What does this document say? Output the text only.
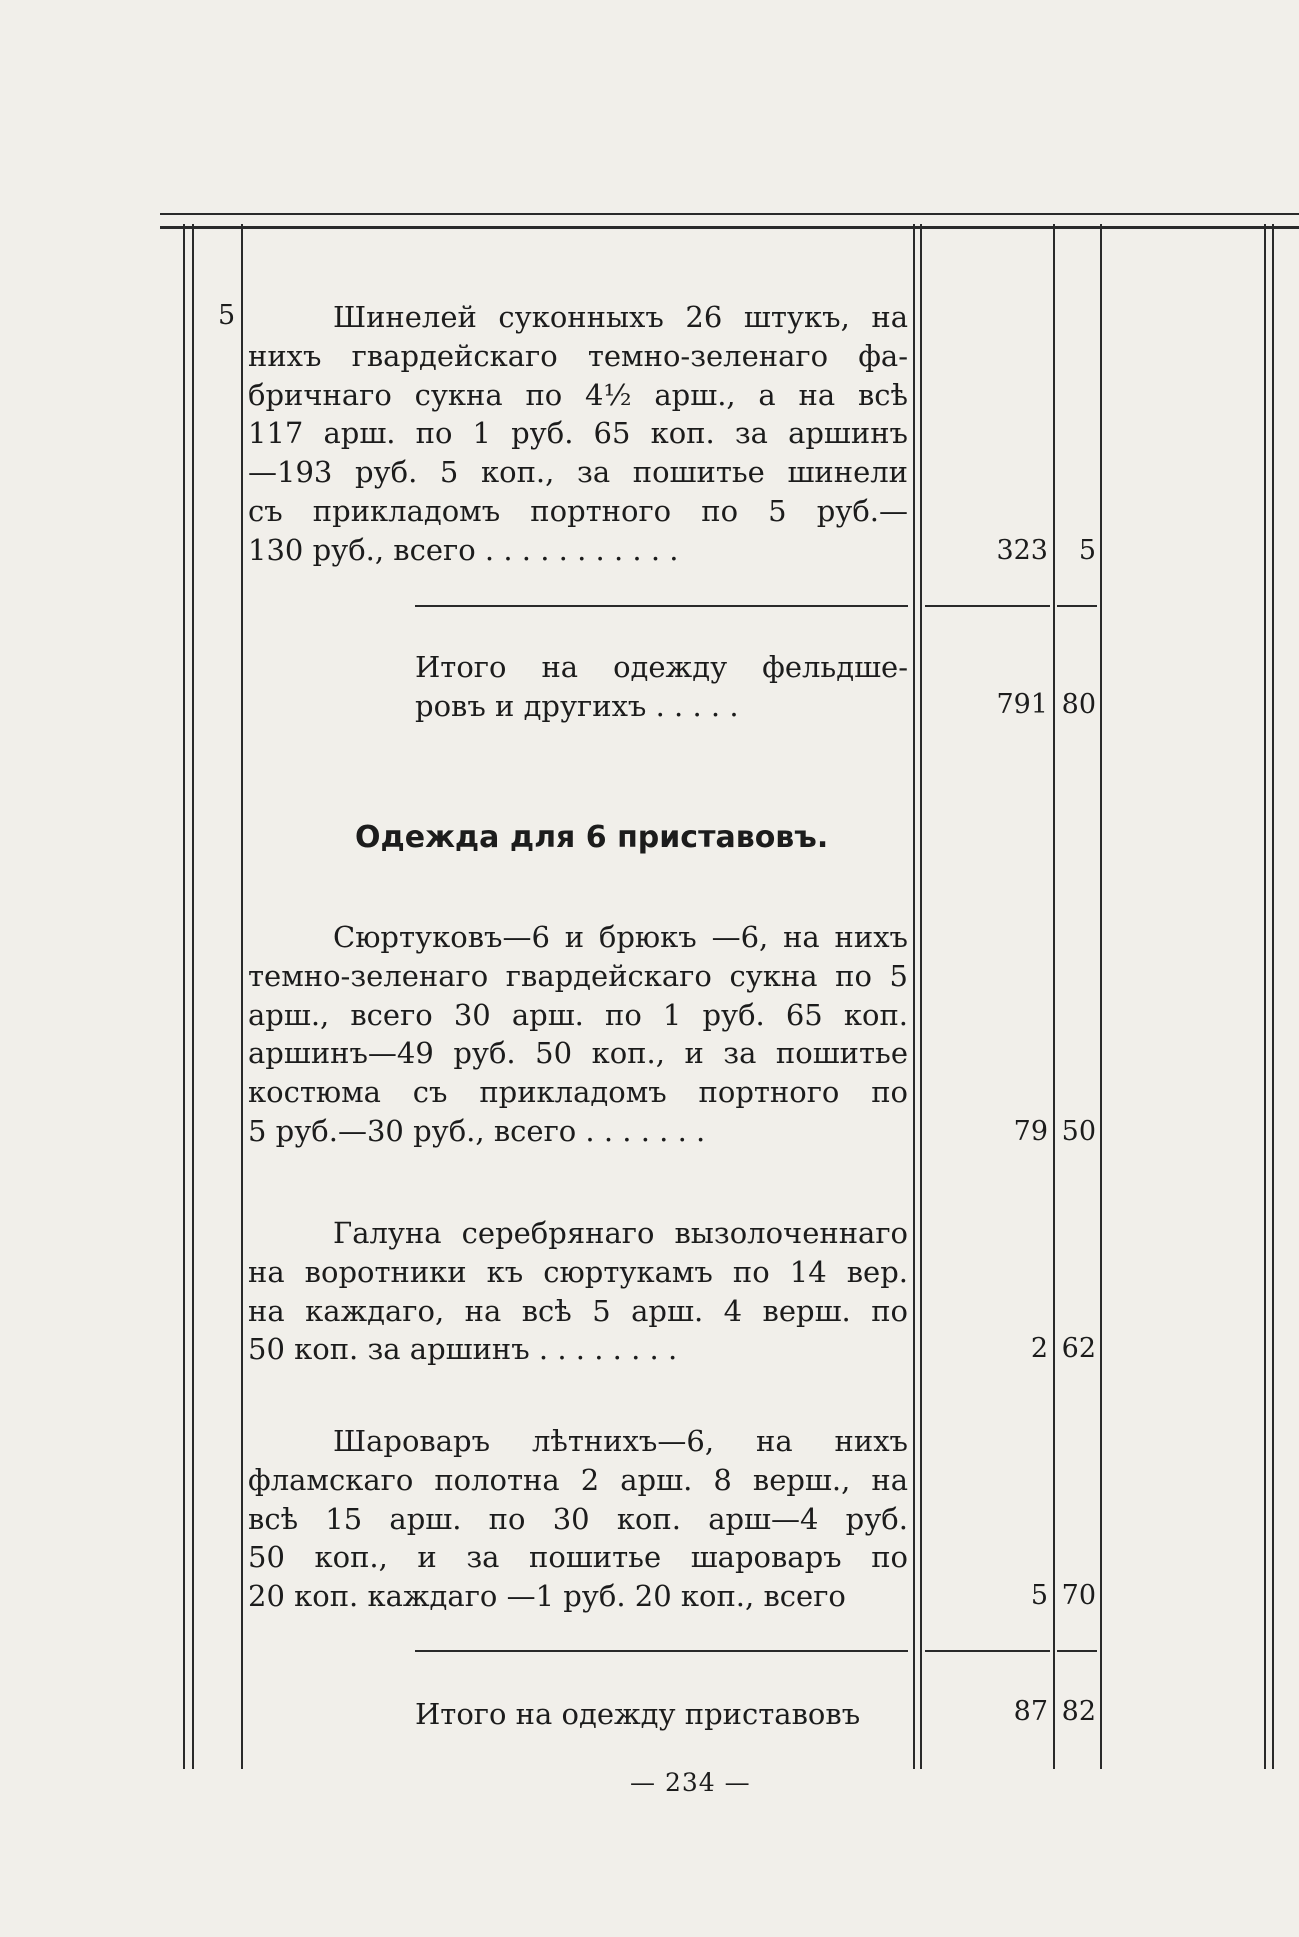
5	Шинелей суконныхъ 26 штукъ, на
нихъ гвардейскаго темно-зеленаго фа-
бричнаго сукна по 4½ арш., а на всѣ
117 арш. по 1 руб. 65 коп. за аршинъ
—193 руб. 5 коп., за пошитье шинели
съ прикладомъ портного по 5 руб.—
130 руб., всего . . . . . . . . . . .	323	5
Итого на одежду фельдше-
ровъ и другихъ . . . . .	791 80
Одежда для 6 приставовъ.
Сюртуковъ—6 и брюкъ —6, на нихъ
темно-зеленаго гвардейскаго сукна по 5
арш., всего 30 арш. по 1 руб. 65 коп.
аршинъ—49 руб. 50 коп., и за пошитье
костюма съ прикладомъ портного по
5 руб.—30 руб., всего . . . . . . .	79 50
Галуна серебрянаго вызолоченнаго
на воротники къ сюртукамъ по 14 вер.
на каждаго, на всѣ 5 арш. 4 верш. по
50 коп. за аршинъ . . . . . . . .	2 62
Шароваръ лѣтнихъ—6, на нихъ
фламскаго полотна 2 арш. 8 верш., на
всѣ 15 арш. по 30 коп. арш—4 руб.
50 коп., и за пошитье шароваръ по
20 коп. каждаго —1 руб. 20 коп., всего	5 70
Итого на одежду приставовъ	87 82
— 234 —
